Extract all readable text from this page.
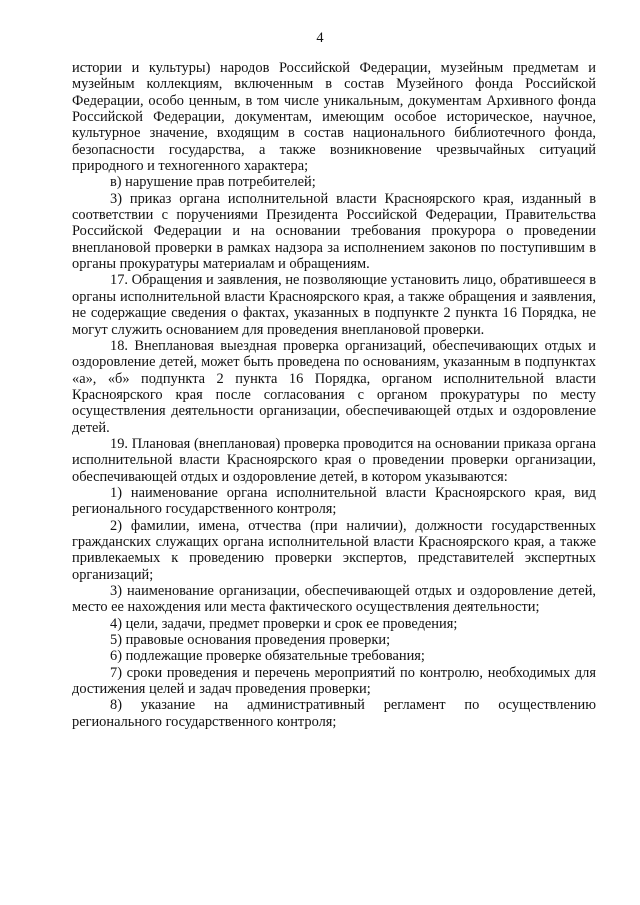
4

истории и культуры) народов Российской Федерации, музейным предметам и музейным коллекциям, включенным в состав Музейного фонда Российской Федерации, особо ценным, в том числе уникальным, документам Архивного фонда Российской Федерации, документам, имеющим особое историческое, научное, культурное значение, входящим в состав национального библиотечного фонда, безопасности государства, а также возникновение чрезвычайных ситуаций природного и техногенного характера;

в) нарушение прав потребителей;

3) приказ органа исполнительной власти Красноярского края, изданный в соответствии с поручениями Президента Российской Федерации, Правительства Российской Федерации и на основании требования прокурора о проведении внеплановой проверки в рамках надзора за исполнением законов по поступившим в органы прокуратуры материалам и обращениям.

17. Обращения и заявления, не позволяющие установить лицо, обратившееся в органы исполнительной власти Красноярского края, а также обращения и заявления, не содержащие сведения о фактах, указанных в подпункте 2 пункта 16 Порядка, не могут служить основанием для проведения внеплановой проверки.

18. Внеплановая выездная проверка организаций, обеспечивающих отдых и оздоровление детей, может быть проведена по основаниям, указанным в подпунктах «а», «б» подпункта 2 пункта 16 Порядка, органом исполнительной власти Красноярского края после согласования с органом прокуратуры по месту осуществления деятельности организации, обеспечивающей отдых и оздоровление детей.

19. Плановая (внеплановая) проверка проводится на основании приказа органа исполнительной власти Красноярского края о проведении проверки организации, обеспечивающей отдых и оздоровление детей, в котором указываются:

1) наименование органа исполнительной власти Красноярского края, вид регионального государственного контроля;

2) фамилии, имена, отчества (при наличии), должности государственных гражданских служащих органа исполнительной власти Красноярского края, а также привлекаемых к проведению проверки экспертов, представителей экспертных организаций;

3) наименование организации, обеспечивающей отдых и оздоровление детей, место ее нахождения или места фактического осуществления деятельности;

4) цели, задачи, предмет проверки и срок ее проведения;

5) правовые основания проведения проверки;

6) подлежащие проверке обязательные требования;

7) сроки проведения и перечень мероприятий по контролю, необходимых для достижения целей и задач проведения проверки;

8) указание на административный регламент по осуществлению регионального государственного контроля;
